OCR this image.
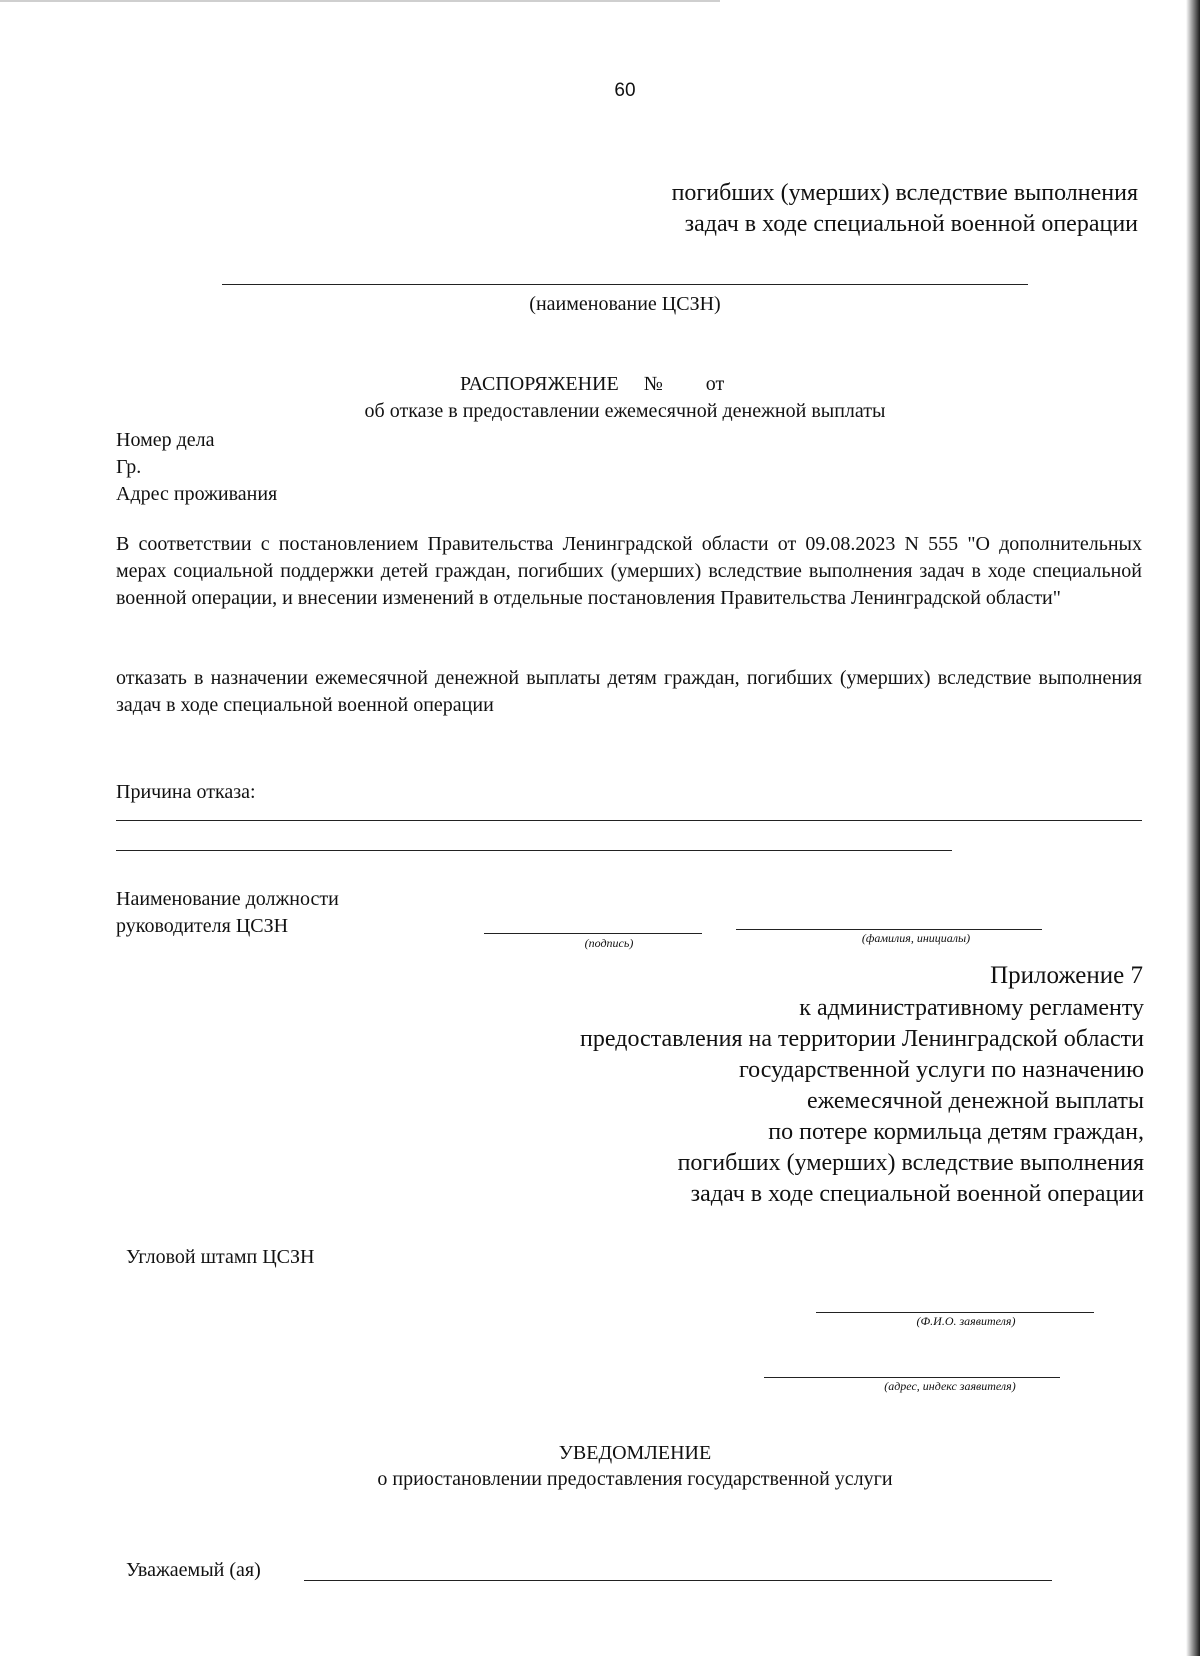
60
погибших (умерших) вследствие выполнения
задач в ходе специальной военной операции
(наименование ЦСЗН)
РАСПОРЯЖЕНИЕ № от
об отказе в предоставлении ежемесячной денежной выплаты
Номер дела
Гр.
Адрес проживания
В соответствии с постановлением Правительства Ленинградской области от 09.08.2023 N 555 "О дополнительных мерах социальной поддержки детей граждан, погибших (умерших) вследствие выполнения задач в ходе специальной военной операции, и внесении изменений в отдельные постановления Правительства Ленинградской области"
отказать в назначении ежемесячной денежной выплаты детям граждан, погибших (умерших) вследствие выполнения задач в ходе специальной военной операции
Причина отказа:
Наименование должности
руководителя ЦСЗН
(подпись)	(фамилия, инициалы)
Приложение 7
к административному регламенту
предоставления на территории Ленинградской области
государственной услуги по назначению
ежемесячной денежной выплаты
по потере кормильца детям граждан,
погибших (умерших) вследствие выполнения
задач в ходе специальной военной операции
Угловой штамп ЦСЗН
(Ф.И.О. заявителя)
(адрес, индекс заявителя)
УВЕДОМЛЕНИЕ
о приостановлении предоставления государственной услуги
Уважаемый (ая)
